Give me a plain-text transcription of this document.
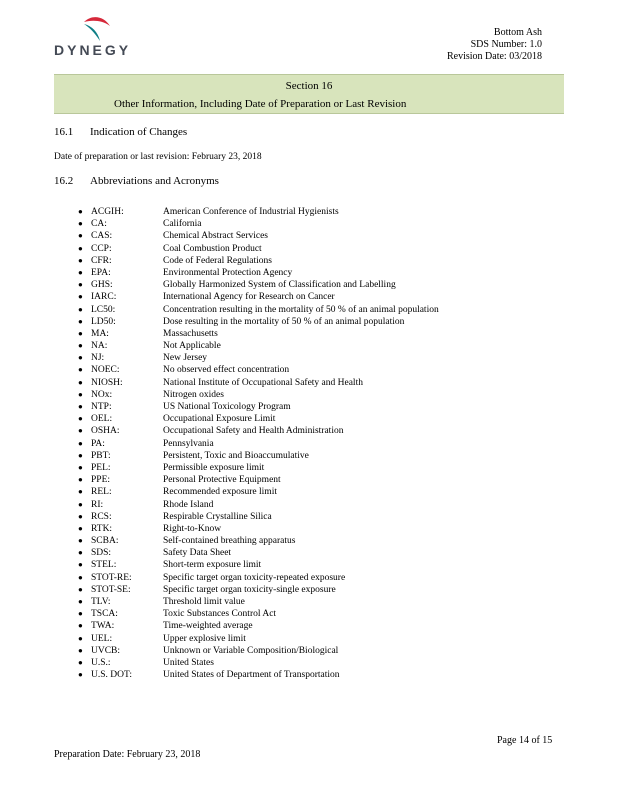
DYNEGY
Bottom Ash
SDS Number: 1.0
Revision Date: 03/2018
Section 16
Other Information, Including Date of Preparation or Last Revision
16.1 Indication of Changes
Date of preparation or last revision: February 23, 2018
16.2 Abbreviations and Acronyms
● ACGIH:	American Conference of Industrial Hygienists
● CA:	California
● CAS:	Chemical Abstract Services
● CCP:	Coal Combustion Product
● CFR:	Code of Federal Regulations
● EPA:	Environmental Protection Agency
● GHS:	Globally Harmonized System of Classification and Labelling
● IARC:	International Agency for Research on Cancer
● LC50:	Concentration resulting in the mortality of 50 % of an animal population
● LD50:	Dose resulting in the mortality of 50 % of an animal population
● MA:	Massachusetts
● NA:	Not Applicable
● NJ:	New Jersey
● NOEC:	No observed effect concentration
● NIOSH:	National Institute of Occupational Safety and Health
● NOx:	Nitrogen oxides
● NTP:	US National Toxicology Program
● OEL:	Occupational Exposure Limit
● OSHA:	Occupational Safety and Health Administration
● PA:	Pennsylvania
● PBT:	Persistent, Toxic and Bioaccumulative
● PEL:	Permissible exposure limit
● PPE:	Personal Protective Equipment
● REL:	Recommended exposure limit
● RI:	Rhode Island
● RCS:	Respirable Crystalline Silica
● RTK:	Right-to-Know
● SCBA:	Self-contained breathing apparatus
● SDS:	Safety Data Sheet
● STEL:	Short-term exposure limit
● STOT-RE:	Specific target organ toxicity-repeated exposure
● STOT-SE:	Specific target organ toxicity-single exposure
● TLV:	Threshold limit value
● TSCA:	Toxic Substances Control Act
● TWA:	Time-weighted average
● UEL:	Upper explosive limit
● UVCB:	Unknown or Variable Composition/Biological
● U.S.:	United States
● U.S. DOT:	United States of Department of Transportation
Page 14 of 15
Preparation Date: February 23, 2018
